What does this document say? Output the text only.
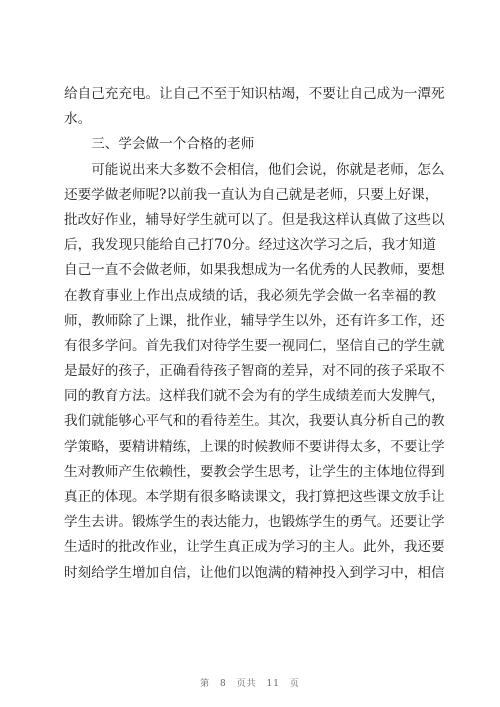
给自己充充电。让自己不至于知识枯竭，不要让自己成为一潭死
水。
三、学会做一个合格的老师
可能说出来大多数不会相信，他们会说，你就是老师，怎么
还要学做老师呢?以前我一直认为自己就是老师，只要上好课，
批改好作业，辅导好学生就可以了。但是我这样认真做了这些以
后，我发现只能给自己打70分。经过这次学习之后，我才知道
自己一直不会做老师，如果我想成为一名优秀的人民教师，要想
在教育事业上作出点成绩的话，我必须先学会做一名幸福的教
师，教师除了上课，批作业，辅导学生以外，还有许多工作，还
有很多学问。首先我们对待学生要一视同仁，坚信自己的学生就
是最好的孩子，正确看待孩子智商的差异，对不同的孩子采取不
同的教育方法。这样我们就不会为有的学生成绩差而大发脾气，
我们就能够心平气和的看待差生。其次，我要认真分析自己的教
学策略，要精讲精练，上课的时候教师不要讲得太多，不要让学
生对教师产生依赖性，要教会学生思考，让学生的主体地位得到
真正的体现。本学期有很多略读课文，我打算把这些课文放手让
学生去讲。锻炼学生的表达能力，也锻炼学生的勇气。还要让学
生适时的批改作业，让学生真正成为学习的主人。此外，我还要
时刻给学生增加自信，让他们以饱满的精神投入到学习中，相信
第 8 页共 11 页
